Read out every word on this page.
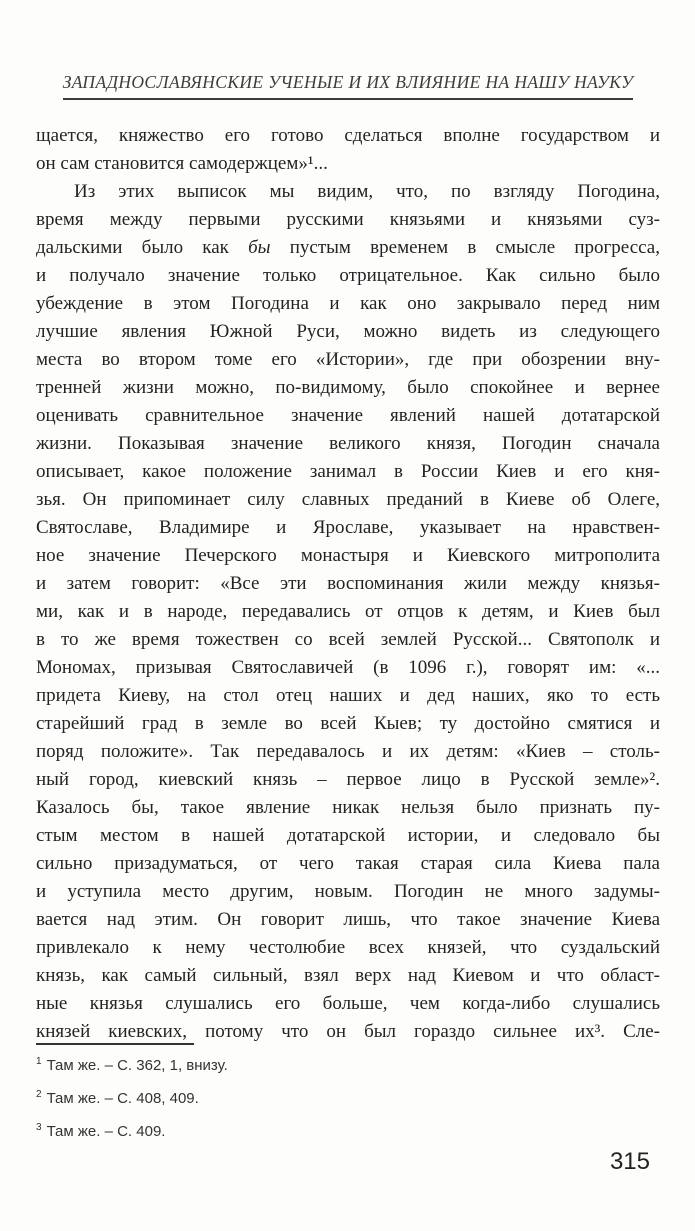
ЗАПАДНОСЛАВЯНСКИЕ УЧЕНЫЕ И ИХ ВЛИЯНИЕ НА НАШУ НАУКУ
щается, княжество его готово сделаться вполне государством и
он сам становится самодержцем»¹...
Из этих выписок мы видим, что, по взгляду Погодина,
время между первыми русскими князьями и князьями суз-
дальскими было как бы пустым временем в смысле прогресса,
и получало значение только отрицательное. Как сильно было
убеждение в этом Погодина и как оно закрывало перед ним
лучшие явления Южной Руси, можно видеть из следующего
места во втором томе его «Истории», где при обозрении вну-
тренней жизни можно, по-видимому, было спокойнее и вернее
оценивать сравнительное значение явлений нашей дотатарской
жизни. Показывая значение великого князя, Погодин сначала
описывает, какое положение занимал в России Киев и его кня-
зья. Он припоминает силу славных преданий в Киеве об Олеге,
Святославе, Владимире и Ярославе, указывает на нравствен-
ное значение Печерского монастыря и Киевского митрополита
и затем говорит: «Все эти воспоминания жили между князья-
ми, как и в народе, передавались от отцов к детям, и Киев был
в то же время тожествен со всей землей Русской... Святополк и
Мономах, призывая Святославичей (в 1096 г.), говорят им: «...
придета Киеву, на стол отец наших и дед наших, яко то есть
старейший град в земле во всей Кыев; ту достойно смятися и
поряд положите». Так передавалось и их детям: «Киев – столь-
ный город, киевский князь – первое лицо в Русской земле»².
Казалось бы, такое явление никак нельзя было признать пу-
стым местом в нашей дотатарской истории, и следовало бы
сильно призадуматься, от чего такая старая сила Киева пала
и уступила место другим, новым. Погодин не много задумы-
вается над этим. Он говорит лишь, что такое значение Киева
привлекало к нему честолюбие всех князей, что суздальский
князь, как самый сильный, взял верх над Киевом и что област-
ные князья слушались его больше, чем когда-либо слушались
князей киевских, потому что он был гораздо сильнее их³. Сле-
$^1$ Там же. – С. 362, 1, внизу.
$^2$ Там же. – С. 408, 409.
$^3$ Там же. – С. 409.
315
